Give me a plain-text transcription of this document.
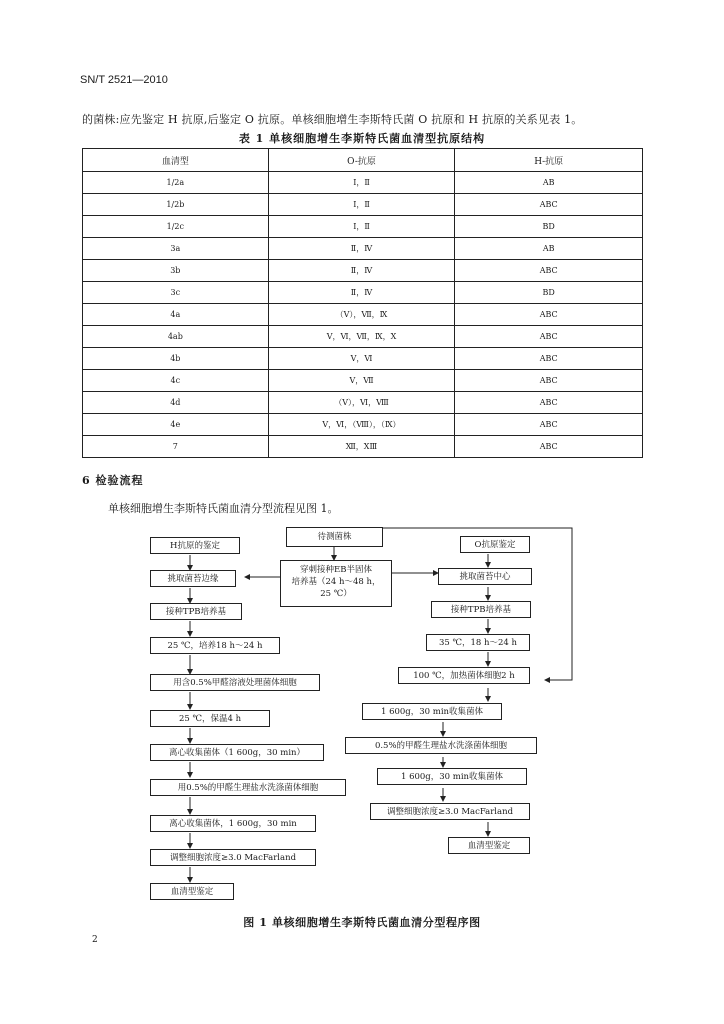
SN/T 2521—2010
的菌株:应先鉴定 H 抗原,后鉴定 O 抗原。单核细胞增生李斯特氏菌 O 抗原和 H 抗原的关系见表 1。
表 1 单核细胞增生李斯特氏菌血清型抗原结构
血清型	O-抗原	H-抗原
1/2a	Ⅰ，Ⅱ	AB
1/2b	Ⅰ，Ⅱ	ABC
1/2c	Ⅰ，Ⅱ	BD
3a	Ⅱ，Ⅳ	AB
3b	Ⅱ，Ⅳ	ABC
3c	Ⅱ，Ⅳ	BD
4a	（Ⅴ），Ⅶ，Ⅸ	ABC
4ab	Ⅴ，Ⅵ，Ⅶ，Ⅸ，Ⅹ	ABC
4b	Ⅴ，Ⅵ	ABC
4c	Ⅴ，Ⅶ	ABC
4d	（Ⅴ），Ⅵ，Ⅷ	ABC
4e	Ⅴ，Ⅵ，（Ⅷ），（Ⅸ）	ABC
7	Ⅻ，ⅩⅢ	ABC
6 检验流程
单核细胞增生李斯特氏菌血清分型流程见图 1。
H抗原的鉴定
挑取菌苔边缘
接种TPB培养基
25 ℃，培养18 h～24 h
用含0.5%甲醛溶液处理菌体细胞
25 ℃，保温4 h
离心收集菌体（1 600g，30 min）
用0.5%的甲醛生理盐水洗涤菌体细胞
离心收集菌体，1 600g，30 min
调整细胞浓度≥3.0 MacFarland
血清型鉴定
待测菌株
穿刺接种EB半固体
培养基（24 h～48 h，
25 ℃）
O抗原鉴定
挑取菌苔中心
接种TPB培养基
35 ℃，18 h～24 h
100 ℃，加热菌体细胞2 h
1 600g，30 min收集菌体
0.5%的甲醛生理盐水洗涤菌体细胞
1 600g，30 min收集菌体
调整细胞浓度≥3.0 MacFarland
血清型鉴定
图 1 单核细胞增生李斯特氏菌血清分型程序图
2
